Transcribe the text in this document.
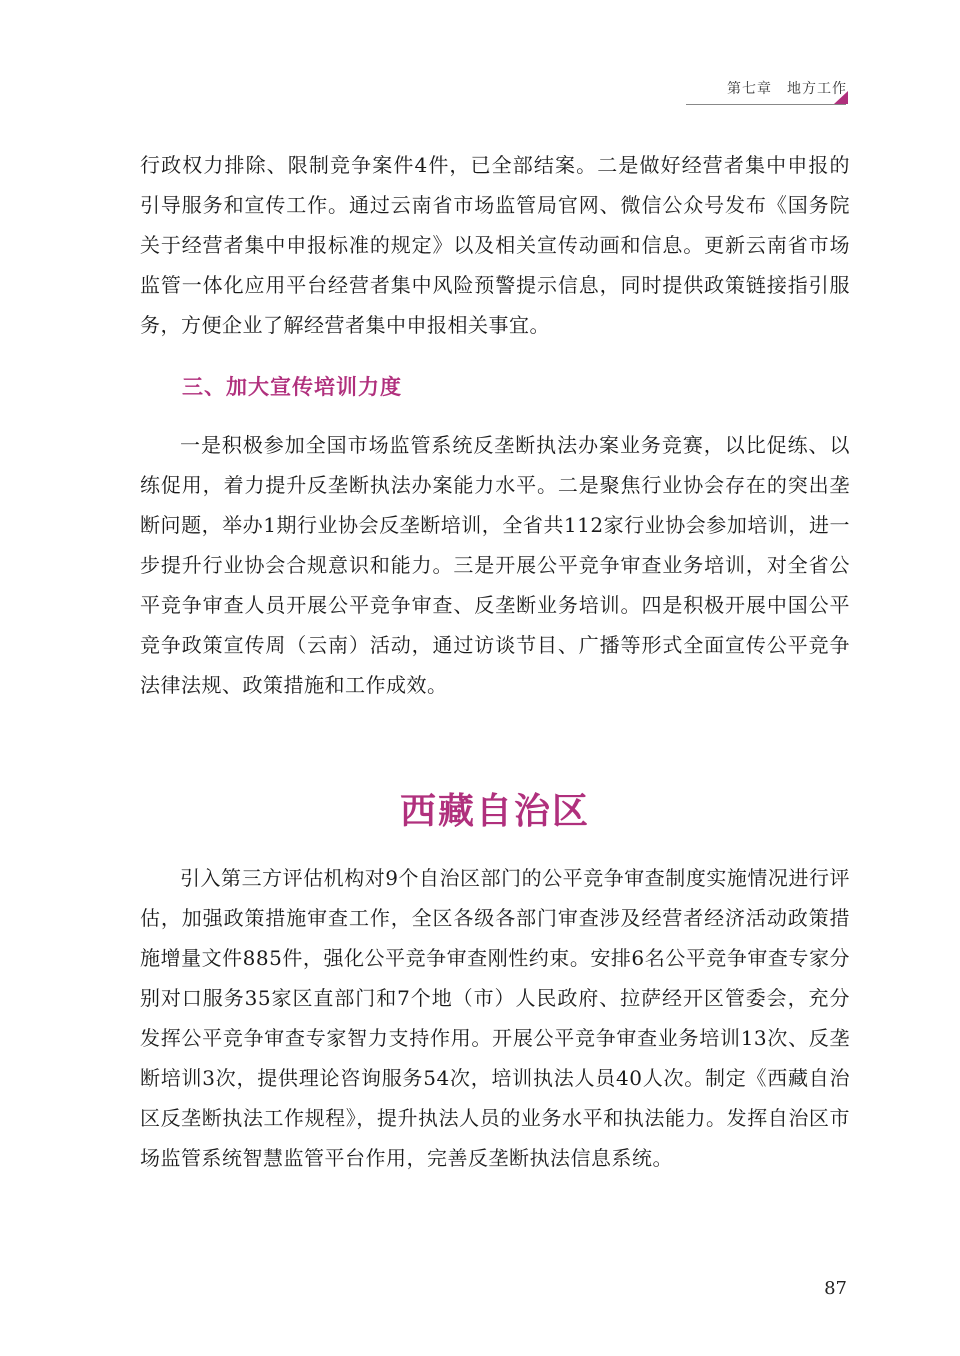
第七章　地方工作

行政权力排除、限制竞争案件4件，已全部结案。二是做好经营者集中申报的引导服务和宣传工作。通过云南省市场监管局官网、微信公众号发布《国务院关于经营者集中申报标准的规定》以及相关宣传动画和信息。更新云南省市场监管一体化应用平台经营者集中风险预警提示信息，同时提供政策链接指引服务，方便企业了解经营者集中申报相关事宜。

三、加大宣传培训力度

一是积极参加全国市场监管系统反垄断执法办案业务竞赛，以比促练、以练促用，着力提升反垄断执法办案能力水平。二是聚焦行业协会存在的突出垄断问题，举办1期行业协会反垄断培训，全省共112家行业协会参加培训，进一步提升行业协会合规意识和能力。三是开展公平竞争审查业务培训，对全省公平竞争审查人员开展公平竞争审查、反垄断业务培训。四是积极开展中国公平竞争政策宣传周（云南）活动，通过访谈节目、广播等形式全面宣传公平竞争法律法规、政策措施和工作成效。

西藏自治区

引入第三方评估机构对9个自治区部门的公平竞争审查制度实施情况进行评估，加强政策措施审查工作，全区各级各部门审查涉及经营者经济活动政策措施增量文件885件，强化公平竞争审查刚性约束。安排6名公平竞争审查专家分别对口服务35家区直部门和7个地（市）人民政府、拉萨经开区管委会，充分发挥公平竞争审查专家智力支持作用。开展公平竞争审查业务培训13次、反垄断培训3次，提供理论咨询服务54次，培训执法人员40人次。制定《西藏自治区反垄断执法工作规程》，提升执法人员的业务水平和执法能力。发挥自治区市场监管系统智慧监管平台作用，完善反垄断执法信息系统。

87
